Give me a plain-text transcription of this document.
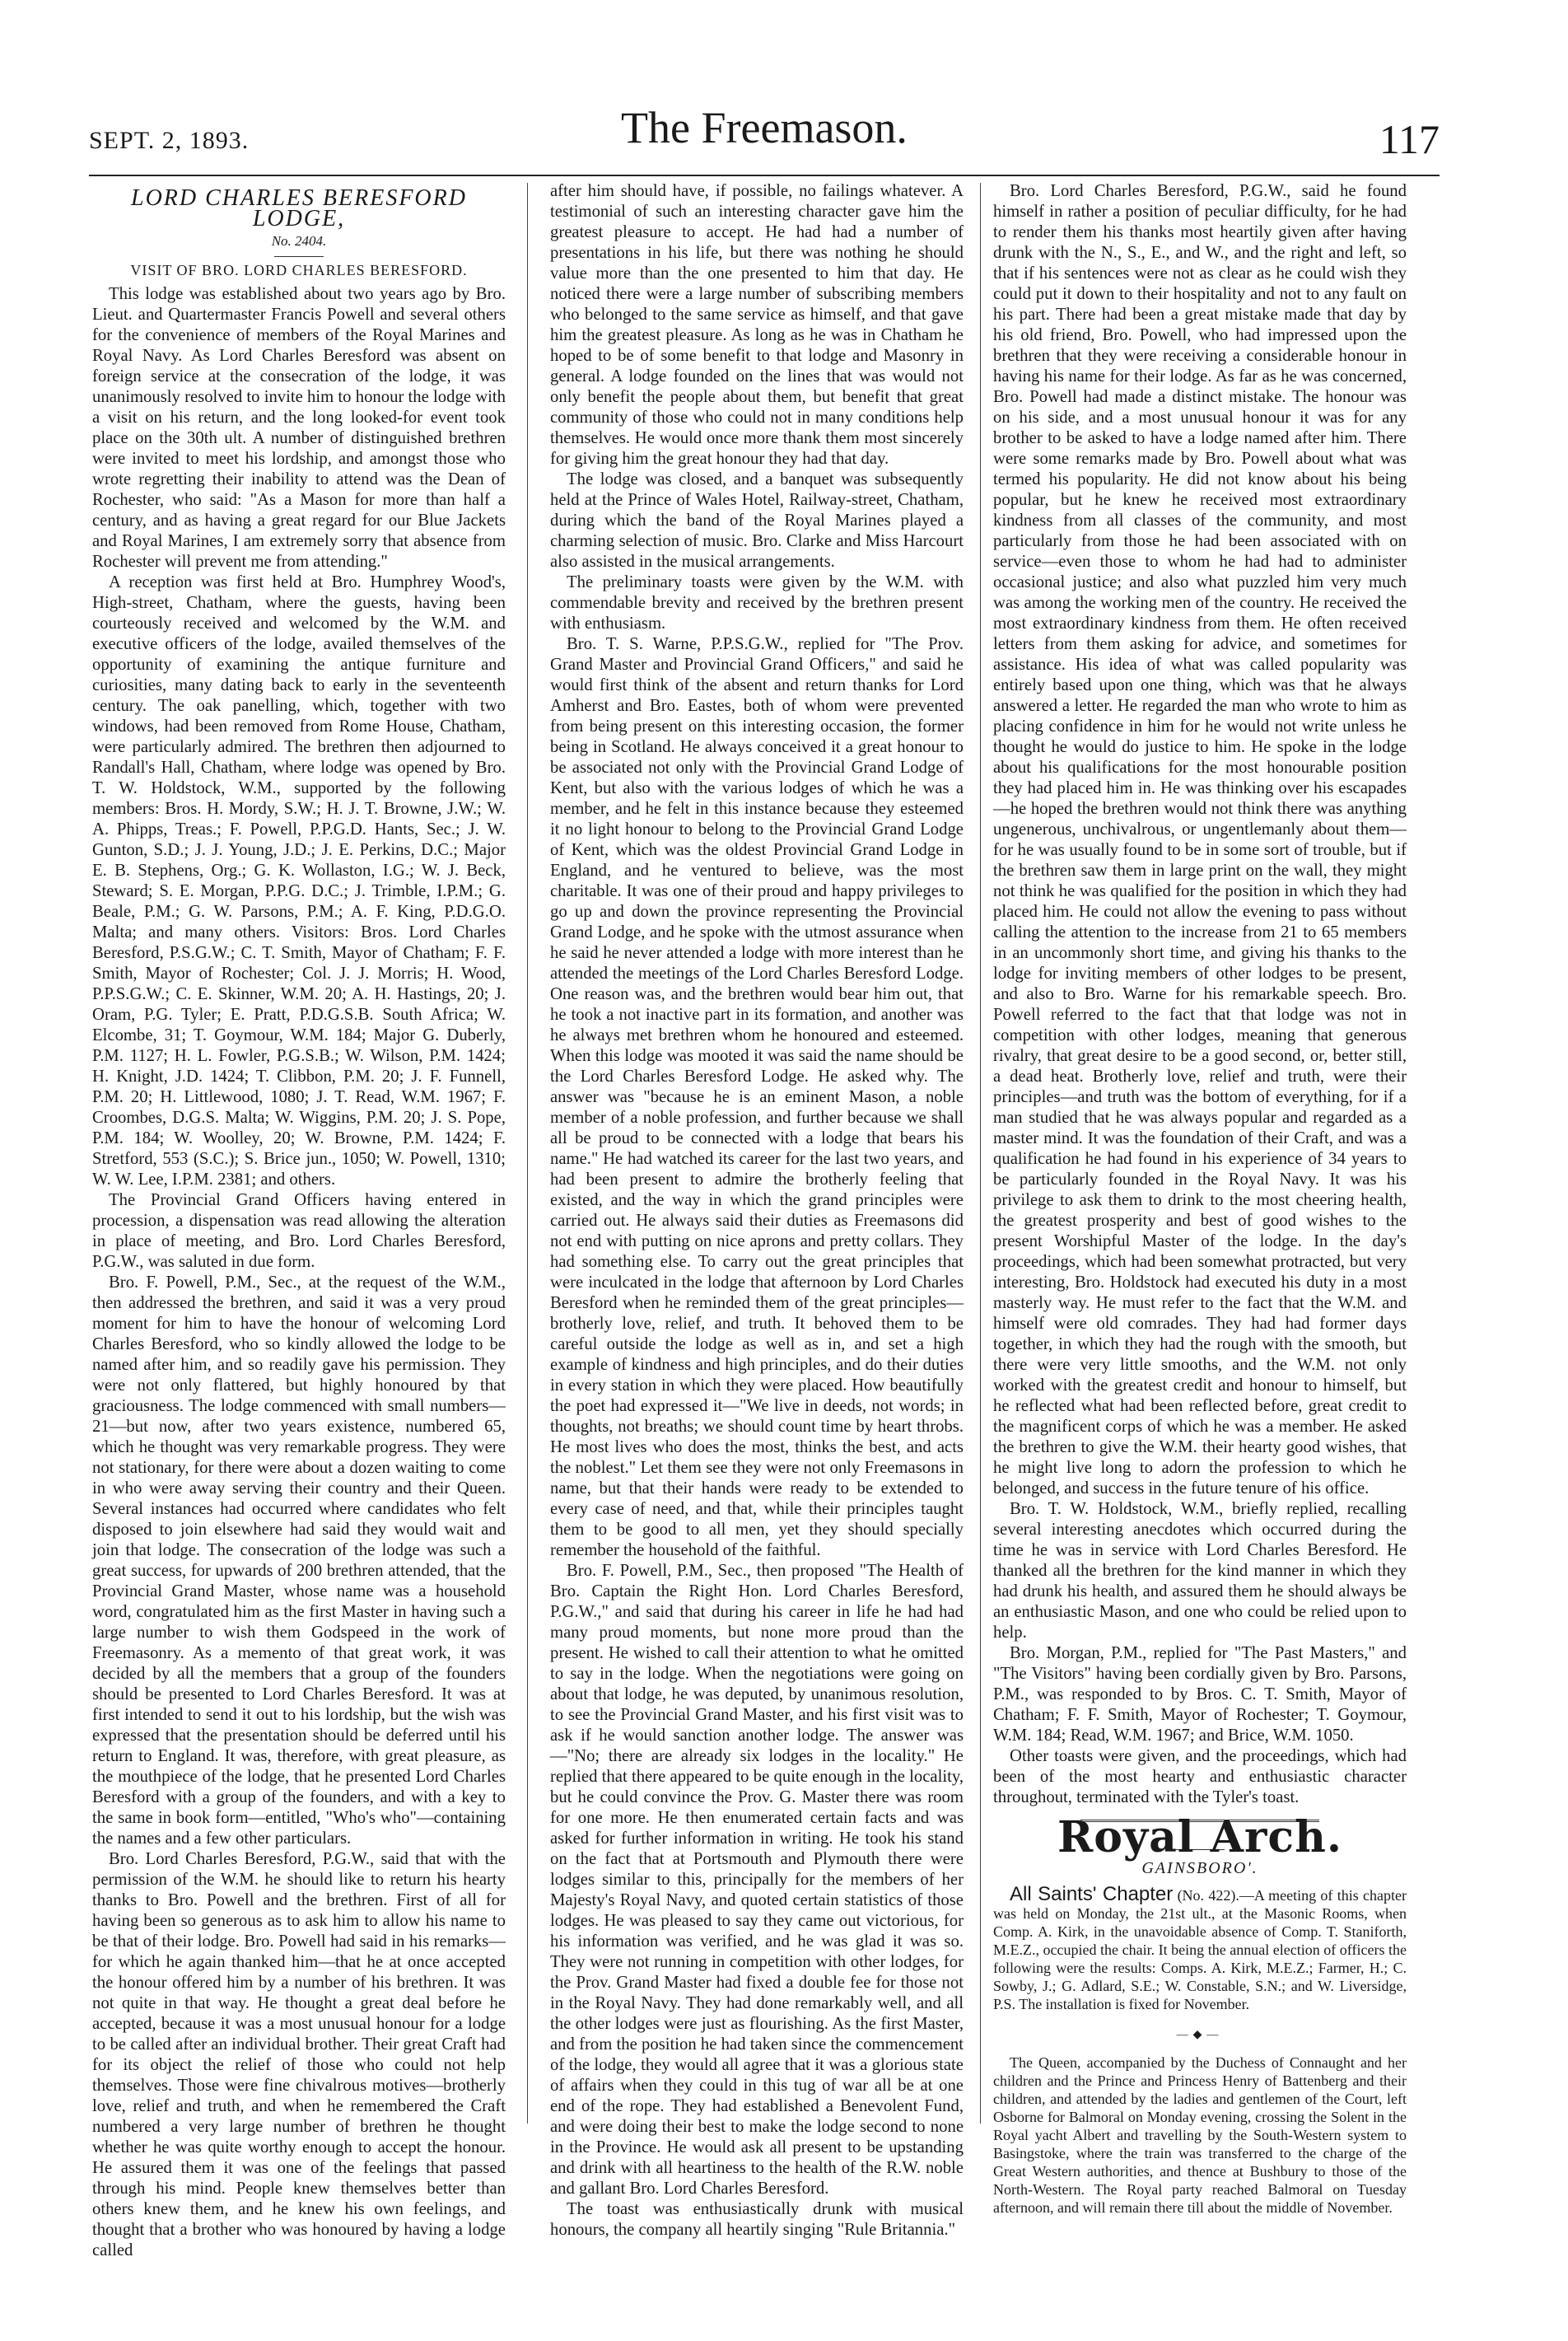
SEPT. 2, 1893.	The Freemason.	117
LORD CHARLES BERESFORD LODGE,
No. 2404.
VISIT OF BRO. LORD CHARLES BERESFORD.

This lodge was established about two years ago by Bro. Lieut. and Quartermaster Francis Powell and several others for the convenience of members of the Royal Marines and Royal Navy. As Lord Charles Beresford was absent on foreign service at the consecration of the lodge, it was unanimously resolved to invite him to honour the lodge with a visit on his return, and the long looked-for event took place on the 30th ult. A number of distinguished brethren were invited to meet his lordship, and amongst those who wrote regretting their inability to attend was the Dean of Rochester, who said: "As a Mason for more than half a century, and as having a great regard for our Blue Jackets and Royal Marines, I am extremely sorry that absence from Rochester will prevent me from attending."

A reception was first held at Bro. Humphrey Wood's, High-street, Chatham, where the guests, having been courteously received and welcomed by the W.M. and executive officers of the lodge, availed themselves of the opportunity of examining the antique furniture and curiosities, many dating back to early in the seventeenth century. The oak panelling, which, together with two windows, had been removed from Rome House, Chatham, were particularly admired. The brethren then adjourned to Randall's Hall, Chatham, where lodge was opened by Bro. T. W. Holdstock, W.M., supported by the following members: Bros. H. Mordy, S.W.; H. J. T. Browne, J.W.; W. A. Phipps, Treas.; F. Powell, P.P.G.D. Hants, Sec.; J. W. Gunton, S.D.; J. J. Young, J.D.; J. E. Perkins, D.C.; Major E. B. Stephens, Org.; G. K. Wollaston, I.G.; W. J. Beck, Steward; S. E. Morgan, P.P.G. D.C.; J. Trimble, I.P.M.; G. Beale, P.M.; G. W. Parsons, P.M.; A. F. King, P.D.G.O. Malta; and many others. Visitors: Bros. Lord Charles Beresford, P.S.G.W.; C. T. Smith, Mayor of Chatham; F. F. Smith, Mayor of Rochester; Col. J. J. Morris; H. Wood, P.P.S.G.W.; C. E. Skinner, W.M. 20; A. H. Hastings, 20; J. Oram, P.G. Tyler; E. Pratt, P.D.G.S.B. South Africa; W. Elcombe, 31; T. Goymour, W.M. 184; Major G. Duberly, P.M. 1127; H. L. Fowler, P.G.S.B.; W. Wilson, P.M. 1424; H. Knight, J.D. 1424; T. Clibbon, P.M. 20; J. F. Funnell, P.M. 20; H. Littlewood, 1080; J. T. Read, W.M. 1967; F. Croombes, D.G.S. Malta; W. Wiggins, P.M. 20; J. S. Pope, P.M. 184; W. Woolley, 20; W. Browne, P.M. 1424; F. Stretford, 553 (S.C.); S. Brice jun., 1050; W. Powell, 1310; W. W. Lee, I.P.M. 2381; and others.

The Provincial Grand Officers having entered in procession, a dispensation was read allowing the alteration in place of meeting, and Bro. Lord Charles Beresford, P.G.W., was saluted in due form.

Bro. F. Powell, P.M., Sec., at the request of the W.M., then addressed the brethren, and said it was a very proud moment for him to have the honour of welcoming Lord Charles Beresford, who so kindly allowed the lodge to be named after him, and so readily gave his permission. They were not only flattered, but highly honoured by that graciousness. The lodge commenced with small numbers—21—but now, after two years existence, numbered 65, which he thought was very remarkable progress. They were not stationary, for there were about a dozen waiting to come in who were away serving their country and their Queen. Several instances had occurred where candidates who felt disposed to join elsewhere had said they would wait and join that lodge. The consecration of the lodge was such a great success, for upwards of 200 brethren attended, that the Provincial Grand Master, whose name was a household word, congratulated him as the first Master in having such a large number to wish them Godspeed in the work of Freemasonry. As a memento of that great work, it was decided by all the members that a group of the founders should be presented to Lord Charles Beresford. It was at first intended to send it out to his lordship, but the wish was expressed that the presentation should be deferred until his return to England. It was, therefore, with great pleasure, as the mouthpiece of the lodge, that he presented Lord Charles Beresford with a group of the founders, and with a key to the same in book form—entitled, "Who's who"—containing the names and a few other particulars.

Bro. Lord Charles Beresford, P.G.W., said that with the permission of the W.M. he should like to return his hearty thanks to Bro. Powell and the brethren. First of all for having been so generous as to ask him to allow his name to be that of their lodge. Bro. Powell had said in his remarks—for which he again thanked him—that he at once accepted the honour offered him by a number of his brethren. It was not quite in that way. He thought a great deal before he accepted, because it was a most unusual honour for a lodge to be called after an individual brother. Their great Craft had for its object the relief of those who could not help themselves. Those were fine chivalrous motives—brotherly love, relief and truth, and when he remembered the Craft numbered a very large number of brethren he thought whether he was quite worthy enough to accept the honour. He assured them it was one of the feelings that passed through his mind. People knew themselves better than others knew them, and he knew his own feelings, and thought that a brother who was honoured by having a lodge called

after him should have, if possible, no failings whatever. A testimonial of such an interesting character gave him the greatest pleasure to accept. He had had a number of presentations in his life, but there was nothing he should value more than the one presented to him that day. He noticed there were a large number of subscribing members who belonged to the same service as himself, and that gave him the greatest pleasure. As long as he was in Chatham he hoped to be of some benefit to that lodge and Masonry in general. A lodge founded on the lines that was would not only benefit the people about them, but benefit that great community of those who could not in many conditions help themselves. He would once more thank them most sincerely for giving him the great honour they had that day.

The lodge was closed, and a banquet was subsequently held at the Prince of Wales Hotel, Railway-street, Chatham, during which the band of the Royal Marines played a charming selection of music. Bro. Clarke and Miss Harcourt also assisted in the musical arrangements.

The preliminary toasts were given by the W.M. with commendable brevity and received by the brethren present with enthusiasm.

Bro. T. S. Warne, P.P.S.G.W., replied for "The Prov. Grand Master and Provincial Grand Officers," and said he would first think of the absent and return thanks for Lord Amherst and Bro. Eastes, both of whom were prevented from being present on this interesting occasion, the former being in Scotland. He always conceived it a great honour to be associated not only with the Provincial Grand Lodge of Kent, but also with the various lodges of which he was a member, and he felt in this instance because they esteemed it no light honour to belong to the Provincial Grand Lodge of Kent, which was the oldest Provincial Grand Lodge in England, and he ventured to believe, was the most charitable. It was one of their proud and happy privileges to go up and down the province representing the Provincial Grand Lodge, and he spoke with the utmost assurance when he said he never attended a lodge with more interest than he attended the meetings of the Lord Charles Beresford Lodge. One reason was, and the brethren would bear him out, that he took a not inactive part in its formation, and another was he always met brethren whom he honoured and esteemed. When this lodge was mooted it was said the name should be the Lord Charles Beresford Lodge. He asked why. The answer was "because he is an eminent Mason, a noble member of a noble profession, and further because we shall all be proud to be connected with a lodge that bears his name." He had watched its career for the last two years, and had been present to admire the brotherly feeling that existed, and the way in which the grand principles were carried out. He always said their duties as Freemasons did not end with putting on nice aprons and pretty collars. They had something else. To carry out the great principles that were inculcated in the lodge that afternoon by Lord Charles Beresford when he reminded them of the great principles—brotherly love, relief, and truth. It behoved them to be careful outside the lodge as well as in, and set a high example of kindness and high principles, and do their duties in every station in which they were placed. How beautifully the poet had expressed it—"We live in deeds, not words; in thoughts, not breaths; we should count time by heart throbs. He most lives who does the most, thinks the best, and acts the noblest." Let them see they were not only Freemasons in name, but that their hands were ready to be extended to every case of need, and that, while their principles taught them to be good to all men, yet they should specially remember the household of the faithful.

Bro. F. Powell, P.M., Sec., then proposed "The Health of Bro. Captain the Right Hon. Lord Charles Beresford, P.G.W.," and said that during his career in life he had had many proud moments, but none more proud than the present. He wished to call their attention to what he omitted to say in the lodge. When the negotiations were going on about that lodge, he was deputed, by unanimous resolution, to see the Provincial Grand Master, and his first visit was to ask if he would sanction another lodge. The answer was—"No; there are already six lodges in the locality." He replied that there appeared to be quite enough in the locality, but he could convince the Prov. G. Master there was room for one more. He then enumerated certain facts and was asked for further information in writing. He took his stand on the fact that at Portsmouth and Plymouth there were lodges similar to this, principally for the members of her Majesty's Royal Navy, and quoted certain statistics of those lodges. He was pleased to say they came out victorious, for his information was verified, and he was glad it was so. They were not running in competition with other lodges, for the Prov. Grand Master had fixed a double fee for those not in the Royal Navy. They had done remarkably well, and all the other lodges were just as flourishing. As the first Master, and from the position he had taken since the commencement of the lodge, they would all agree that it was a glorious state of affairs when they could in this tug of war all be at one end of the rope. They had established a Benevolent Fund, and were doing their best to make the lodge second to none in the Province. He would ask all present to be upstanding and drink with all heartiness to the health of the R.W. noble and gallant Bro. Lord Charles Beresford.

The toast was enthusiastically drunk with musical honours, the company all heartily singing "Rule Britannia."

Bro. Lord Charles Beresford, P.G.W., said he found himself in rather a position of peculiar difficulty, for he had to render them his thanks most heartily given after having drunk with the N., S., E., and W., and the right and left, so that if his sentences were not as clear as he could wish they could put it down to their hospitality and not to any fault on his part. There had been a great mistake made that day by his old friend, Bro. Powell, who had impressed upon the brethren that they were receiving a considerable honour in having his name for their lodge. As far as he was concerned, Bro. Powell had made a distinct mistake. The honour was on his side, and a most unusual honour it was for any brother to be asked to have a lodge named after him. There were some remarks made by Bro. Powell about what was termed his popularity. He did not know about his being popular, but he knew he received most extraordinary kindness from all classes of the community, and most particularly from those he had been associated with on service—even those to whom he had had to administer occasional justice; and also what puzzled him very much was among the working men of the country. He received the most extraordinary kindness from them. He often received letters from them asking for advice, and sometimes for assistance. His idea of what was called popularity was entirely based upon one thing, which was that he always answered a letter. He regarded the man who wrote to him as placing confidence in him for he would not write unless he thought he would do justice to him. He spoke in the lodge about his qualifications for the most honourable position they had placed him in. He was thinking over his escapades—he hoped the brethren would not think there was anything ungenerous, unchivalrous, or ungentlemanly about them—for he was usually found to be in some sort of trouble, but if the brethren saw them in large print on the wall, they might not think he was qualified for the position in which they had placed him. He could not allow the evening to pass without calling the attention to the increase from 21 to 65 members in an uncommonly short time, and giving his thanks to the lodge for inviting members of other lodges to be present, and also to Bro. Warne for his remarkable speech. Bro. Powell referred to the fact that that lodge was not in competition with other lodges, meaning that generous rivalry, that great desire to be a good second, or, better still, a dead heat. Brotherly love, relief and truth, were their principles—and truth was the bottom of everything, for if a man studied that he was always popular and regarded as a master mind. It was the foundation of their Craft, and was a qualification he had found in his experience of 34 years to be particularly founded in the Royal Navy. It was his privilege to ask them to drink to the most cheering health, the greatest prosperity and best of good wishes to the present Worshipful Master of the lodge. In the day's proceedings, which had been somewhat protracted, but very interesting, Bro. Holdstock had executed his duty in a most masterly way. He must refer to the fact that the W.M. and himself were old comrades. They had had former days together, in which they had the rough with the smooth, but there were very little smooths, and the W.M. not only worked with the greatest credit and honour to himself, but he reflected what had been reflected before, great credit to the magnificent corps of which he was a member. He asked the brethren to give the W.M. their hearty good wishes, that he might live long to adorn the profession to which he belonged, and success in the future tenure of his office.

Bro. T. W. Holdstock, W.M., briefly replied, recalling several interesting anecdotes which occurred during the time he was in service with Lord Charles Beresford. He thanked all the brethren for the kind manner in which they had drunk his health, and assured them he should always be an enthusiastic Mason, and one who could be relied upon to help.

Bro. Morgan, P.M., replied for "The Past Masters," and "The Visitors" having been cordially given by Bro. Parsons, P.M., was responded to by Bros. C. T. Smith, Mayor of Chatham; F. F. Smith, Mayor of Rochester; T. Goymour, W.M. 184; Read, W.M. 1967; and Brice, W.M. 1050.

Other toasts were given, and the proceedings, which had been of the most hearty and enthusiastic character throughout, terminated with the Tyler's toast.

Royal Arch.
GAINSBORO'.

All Saints' Chapter (No. 422).—A meeting of this chapter was held on Monday, the 21st ult., at the Masonic Rooms, when Comp. A. Kirk, in the unavoidable absence of Comp. T. Staniforth, M.E.Z., occupied the chair. It being the annual election of officers the following were the results: Comps. A. Kirk, M.E.Z.; Farmer, H.; C. Sowby, J.; G. Adlard, S.E.; W. Constable, S.N.; and W. Liversidge, P.S. The installation is fixed for November.

—◆—

The Queen, accompanied by the Duchess of Connaught and her children and the Prince and Princess Henry of Battenberg and their children, and attended by the ladies and gentlemen of the Court, left Osborne for Balmoral on Monday evening, crossing the Solent in the Royal yacht Albert and travelling by the South-Western system to Basingstoke, where the train was transferred to the charge of the Great Western authorities, and thence at Bushbury to those of the North-Western. The Royal party reached Balmoral on Tuesday afternoon, and will remain there till about the middle of November.
